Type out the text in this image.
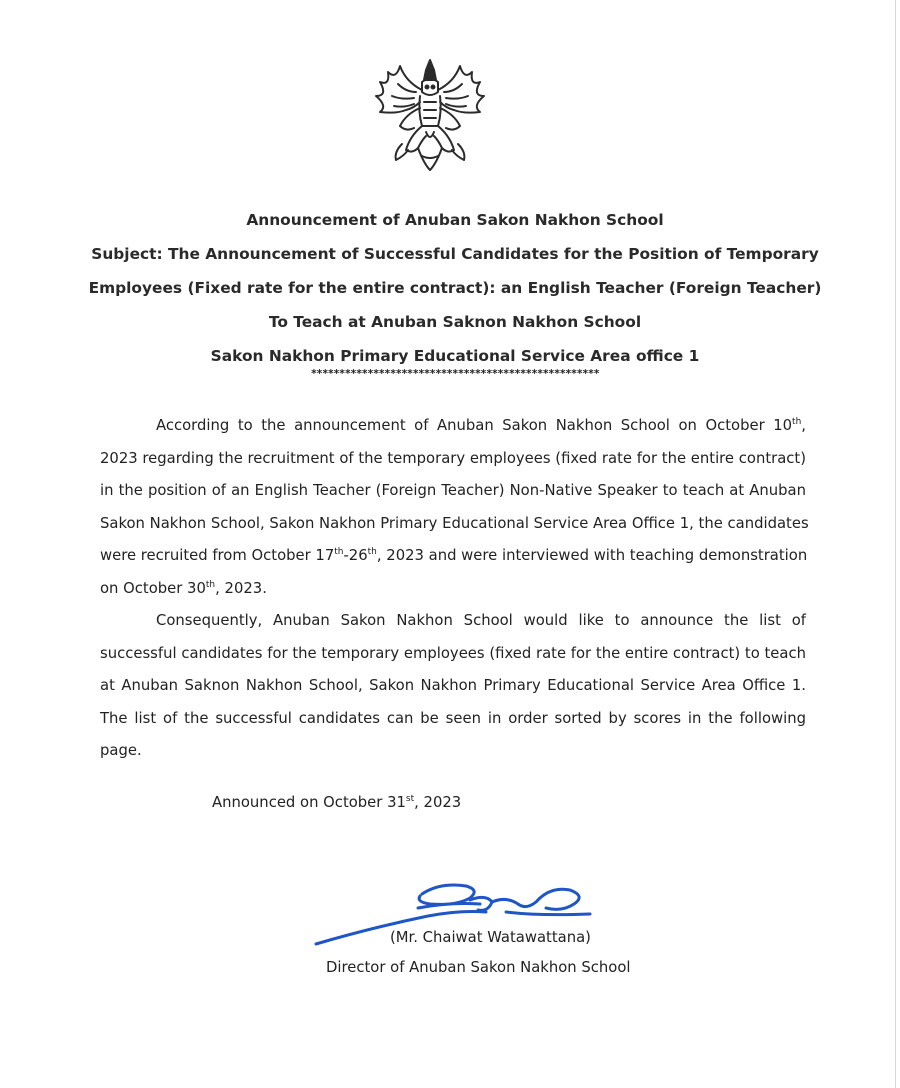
Announcement of Anuban Sakon Nakhon School
Subject: The Announcement of Successful Candidates for the Position of Temporary
Employees (Fixed rate for the entire contract): an English Teacher (Foreign Teacher)
To Teach at Anuban Saknon Nakhon School
Sakon Nakhon Primary Educational Service Area office 1
***************************************************
According to the announcement of Anuban Sakon Nakhon School on October 10th,
2023 regarding the recruitment of the temporary employees (fixed rate for the entire contract)
in the position of an English Teacher (Foreign Teacher) Non-Native Speaker to teach at Anuban
Sakon Nakhon School, Sakon Nakhon Primary Educational Service Area Office 1, the candidates
were recruited from October 17th-26th, 2023 and were interviewed with teaching demonstration
on October 30th, 2023.
Consequently, Anuban Sakon Nakhon School would like to announce the list of
successful candidates for the temporary employees (fixed rate for the entire contract) to teach
at Anuban Saknon Nakhon School, Sakon Nakhon Primary Educational Service Area Office 1.
The list of the successful candidates can be seen in order sorted by scores in the following
page.
Announced on October 31st, 2023
(Mr. Chaiwat Watawattana)
Director of Anuban Sakon Nakhon School
